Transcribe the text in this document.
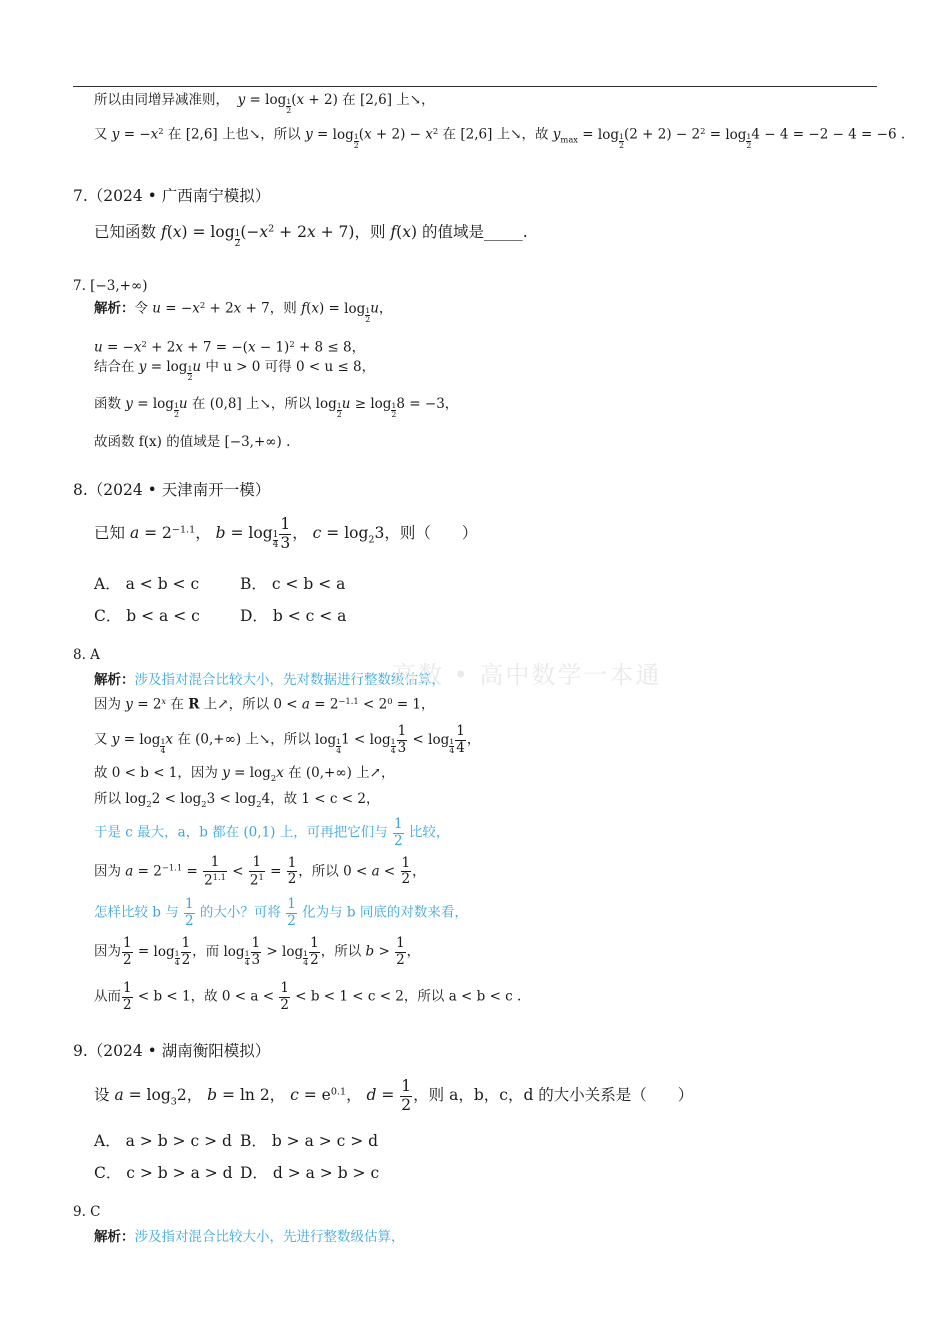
所以由同增异减准则， y = log 1
2
(x + 2) 在 [2,6] 上↘，
又 $y = -x^2$ 在 [2,6] 上也↘，所以 y = log 1
2
$(x + 2) - x^2$ 在 [2,6] 上↘，故 $y_{max} = \log 1$
2
$(2 + 2) - 2^2 = \log 1$
2
4 − 4 = −2 − 4 = −6 .
7.（2024 • 广西南宁模拟）
已知函数 f(x) = log 1
2
$(-x^2 + 2x + 7)$，则 f(x) 的值域是_____.
7. [−3,+∞)
解析：令 $u = -x^2 + 2x + 7$，则 f(x) = log 1
2
u，
$u = -x^2 + 2x + 7 = -(x - 1)^2 + 8 \le 8$，
结合在 y = log 1
2
u 中 u > 0 可得 0 < u ≤ 8，
函数 y = log 1
2
u 在 (0,8] 上↘，所以 log 1
2
u ≥ log 1
2
8 = −3，
故函数 f(x) 的值域是 [−3,+∞) .
8.（2024 • 天津南开一模）
已知 $a = 2^{-1.1}$， b = log 1
$4 \frac{1}{3}$ ， $c = \log_23$，则（　　）
A． a < b < c	B． c < b < a
C． b < a < c	D． b < c < a
8. A
解析：涉及指对混合比较大小，先对数据进行整数级估算，
因为 $y = 2^x$ 在 R 上↗，所以 $0 < a = 2^{-1.1} < 2^0 = 1$，
又 y = log 1
4
x 在 (0,+∞) 上↘，所以 log 1
4
1 < log 1
$4 \frac{1}{3} < \log 1$
$4 \frac{1}{4}$ ，
故 0 < b < 1，因为 $y = \log_2x$ 在 (0,+∞) 上↗，
所以 $\log_22 < \log_23 < \log_24$，故 1 < c < 2，
于是 c 最大，a，b 都在 (0,1) 上，可再把它们与 $\frac{1}{2}$ 比较，
因为 $a = 2^{-1.1} = \frac{1}{2^{1.1}} < \frac{1}{2^1} = \frac{1}{2}$ ，所以 $0 < a < \frac{1}{2}$ ，
怎样比较 b 与 $\frac{1}{2}$ 的大小？可将 $\frac{1}{2}$ 化为与 b 同底的对数来看，
因为 $\frac{1}{2} = \log 1$
$4 \frac{1}{2}$ ，而 log 1
$4 \frac{1}{3} > \log 1$
$4 \frac{1}{2}$ ，所以 $b > \frac{1}{2}$ ，
从而 $\frac{1}{2} < b < 1$，故 $0 < a < \frac{1}{2} < b < 1 < c < 2$，所以 a < b < c .
9.（2024 • 湖南衡阳模拟）
设 $a = \log_32$， b = ln 2， $c = e^{0.1}$， $d = \frac{1}{2}$ ，则 a，b，c，d 的大小关系是（　　）
A． a > b > c > d B． b > a > c > d
C． c > b > a > d D． d > a > b > c
9. C
解析：涉及指对混合比较大小，先进行整数级估算，
高数 • 高中数学一本通
